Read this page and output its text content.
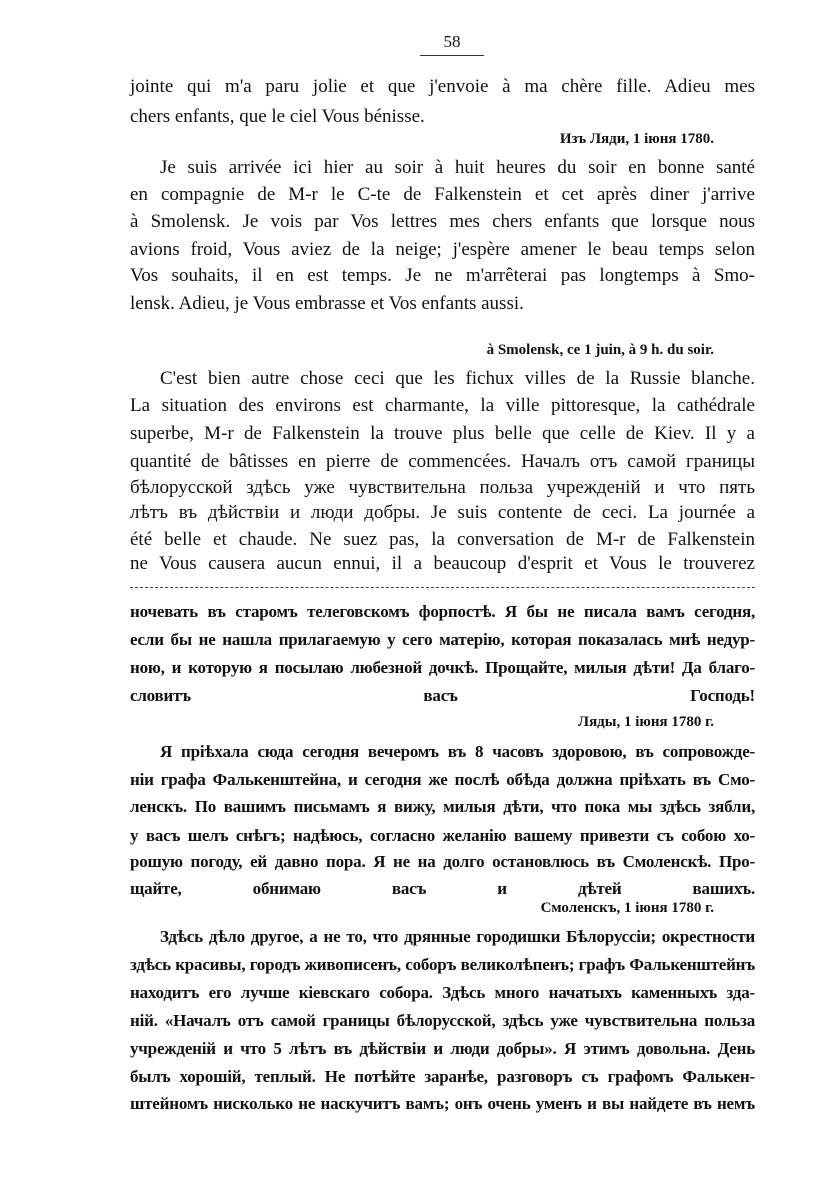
58
jointe qui m'a paru jolie et que j'envoie à ma chère fille. Adieu mes
chers enfants, que le ciel Vous bénisse.
Изъ Ляди, 1 іюня 1780.
Je suis arrivée ici hier au soir à huit heures du soir en bonne santé
en compagnie de M-r le C-te de Falkenstein et cet après diner j'arrive
à Smolensk. Je vois par Vos lettres mes chers enfants que lorsque nous
avions froid, Vous aviez de la neige; j'espère amener le beau temps selon
Vos souhaits, il en est temps. Je ne m'arrêterai pas longtemps à Smo-
lensk. Adieu, je Vous embrasse et Vos enfants aussi.
à Smolensk, ce 1 juin, à 9 h. du soir.
C'est bien autre chose ceci que les fichux villes de la Russie blanche.
La situation des environs est charmante, la ville pittoresque, la cathédrale
superbe, M-r de Falkenstein la trouve plus belle que celle de Kiev. Il y a
quantité de bâtisses en pierre de commencées. Началъ отъ самой границы
бѣлорусской здѣсь уже чувствительна польза учрежденій и что пять
лѣтъ въ дѣйствіи и люди добры. Je suis contente de ceci. La journée a
été belle et chaude. Ne suez pas, la conversation de M-r de Falkenstein
ne Vous causera aucun ennui, il a beaucoup d'esprit et Vous le trouverez
ночевать въ старомъ телеговскомъ форпостѣ. Я бы не писала вамъ сегодня,
если бы не нашла прилагаемую у сего матерію, которая показалась мнѣ недур-
ною, и которую я посылаю любезной дочкѣ. Прощайте, милыя дѣти! Да благо-
словитъ васъ Господь!
Ляды, 1 іюня 1780 г.
Я пріѣхала сюда сегодня вечеромъ въ 8 часовъ здоровою, въ сопровожде-
ніи графа Фалькенштейна, и сегодня же послѣ обѣда должна пріѣхать въ Смо-
ленскъ. По вашимъ письмамъ я вижу, милыя дѣти, что пока мы здѣсь зябли,
у васъ шелъ снѣгъ; надѣюсь, согласно желанію вашему привезти съ собою хо-
рошую погоду, ей давно пора. Я не на долго остановлюсь въ Смоленскѣ. Про-
щайте, обнимаю васъ и дѣтей вашихъ.
Смоленскъ, 1 іюня 1780 г.
Здѣсь дѣло другое, а не то, что дрянные городишки Бѣлоруссіи; окрестности
здѣсь красивы, городъ живописенъ, соборъ великолѣпенъ; графъ Фалькенштейнъ
находитъ его лучше кіевскаго собора. Здѣсь много начатыхъ каменныхъ зда-
ній. «Началъ отъ самой границы бѣлорусской, здѣсь уже чувствительна польза
учрежденій и что 5 лѣтъ въ дѣйствіи и люди добры». Я этимъ довольна. День
былъ хорошій, теплый. Не потѣйте заранѣе, разговоръ съ графомъ Фалькен-
штейномъ нисколько не наскучитъ вамъ; онъ очень уменъ и вы найдете въ немъ
